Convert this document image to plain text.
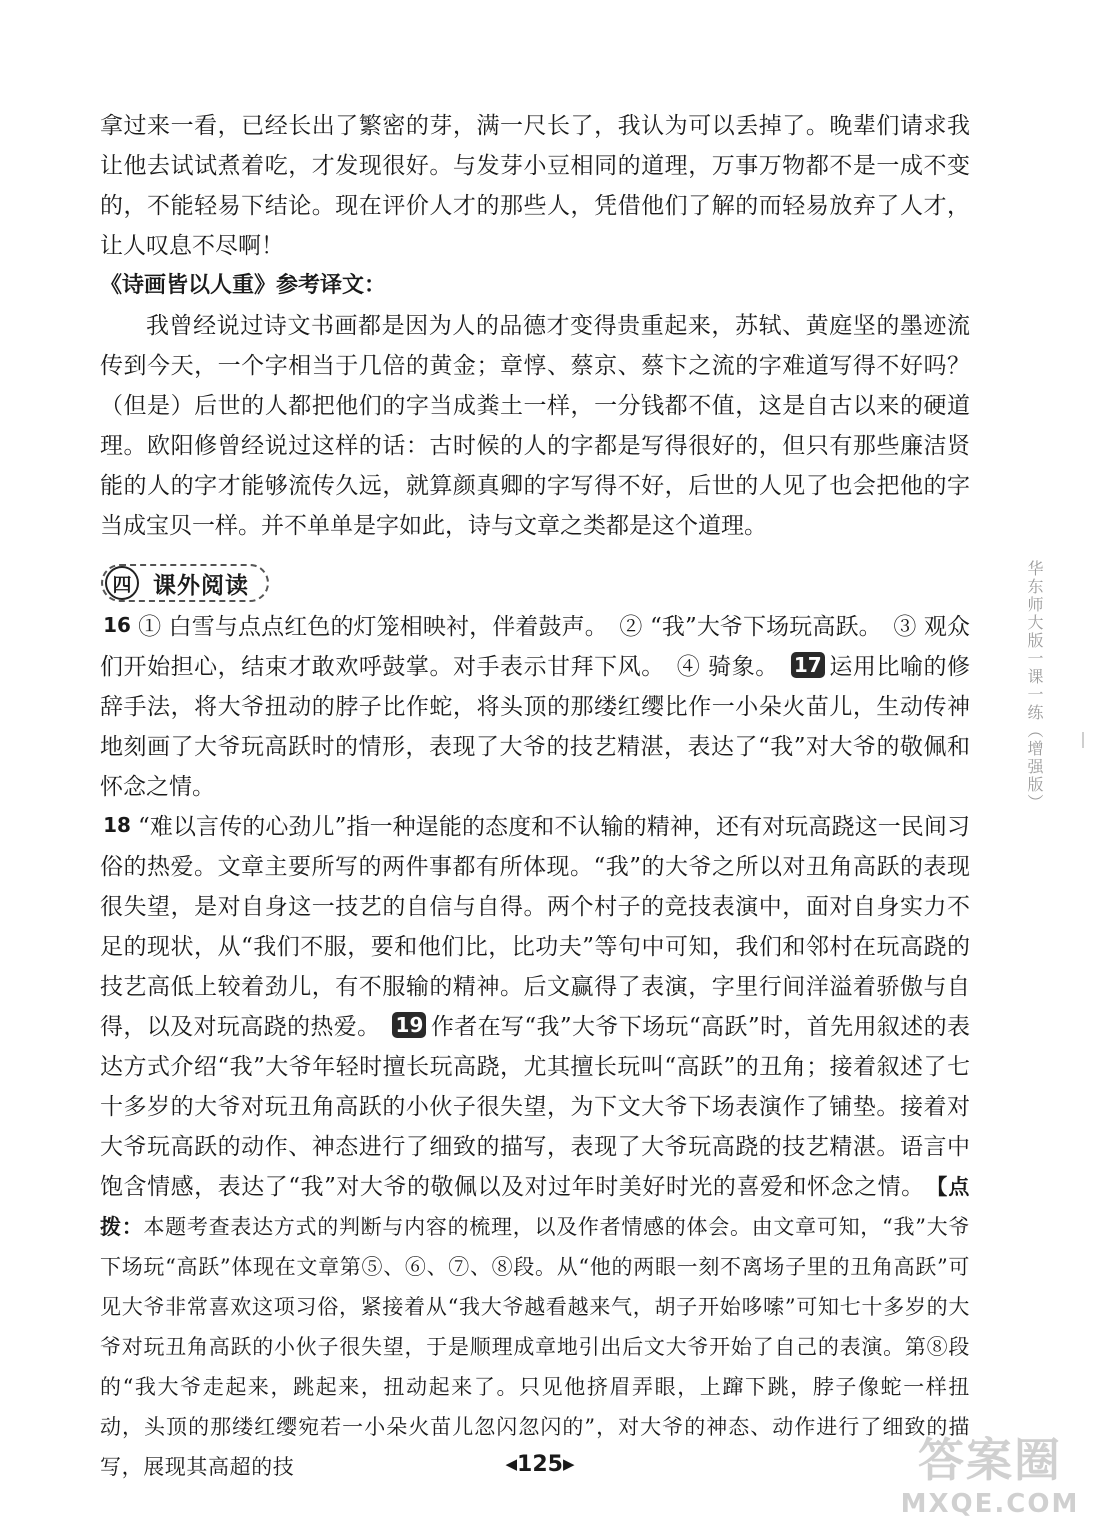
拿过来一看，已经长出了繁密的芽，满一尺长了，我认为可以丢掉了。晚辈们请求我让他去试试煮着吃，才发现很好。与发芽小豆相同的道理，万事万物都不是一成不变的，不能轻易下结论。现在评价人才的那些人，凭借他们了解的而轻易放弃了人才，让人叹息不尽啊！

《诗画皆以人重》参考译文：

我曾经说过诗文书画都是因为人的品德才变得贵重起来，苏轼、黄庭坚的墨迹流传到今天，一个字相当于几倍的黄金；章惇、蔡京、蔡卞之流的字难道写得不好吗？（但是）后世的人都把他们的字当成粪土一样，一分钱都不值，这是自古以来的硬道理。欧阳修曾经说过这样的话：古时候的人的字都是写得很好的，但只有那些廉洁贤能的人的字才能够流传久远，就算颜真卿的字写得不好，后世的人见了也会把他的字当成宝贝一样。并不单单是字如此，诗与文章之类都是这个道理。

四 课外阅读

16 ① 白雪与点点红色的灯笼相映衬，伴着鼓声。　② “我”大爷下场玩高跃。　③ 观众们开始担心，结束才敢欢呼鼓掌。对手表示甘拜下风。　④ 骑象。　17 运用比喻的修辞手法，将大爷扭动的脖子比作蛇，将头顶的那缕红缨比作一小朵火苗儿，生动传神地刻画了大爷玩高跃时的情形，表现了大爷的技艺精湛，表达了“我”对大爷的敬佩和怀念之情。

18 “难以言传的心劲儿”指一种逞能的态度和不认输的精神，还有对玩高跷这一民间习俗的热爱。文章主要所写的两件事都有所体现。“我”的大爷之所以对丑角高跃的表现很失望，是对自身这一技艺的自信与自得。两个村子的竞技表演中，面对自身实力不足的现状，从“我们不服，要和他们比，比功夫”等句中可知，我们和邻村在玩高跷的技艺高低上较着劲儿，有不服输的精神。后文赢得了表演，字里行间洋溢着骄傲与自得，以及对玩高跷的热爱。　19 作者在写“我”大爷下场玩“高跃”时，首先用叙述的表达方式介绍“我”大爷年轻时擅长玩高跷，尤其擅长玩叫“高跃”的丑角；接着叙述了七十多岁的大爷对玩丑角高跃的小伙子很失望，为下文大爷下场表演作了铺垫。接着对大爷玩高跃的动作、神态进行了细致的描写，表现了大爷玩高跷的技艺精湛。语言中饱含情感，表达了“我”对大爷的敬佩以及对过年时美好时光的喜爱和怀念之情。　【点拨：本题考查表达方式的判断与内容的梳理，以及作者情感的体会。由文章可知，“我”大爷下场玩“高跃”体现在文章第⑤、⑥、⑦、⑧段。从“他的两眼一刻不离场子里的丑角高跃”可见大爷非常喜欢这项习俗，紧接着从“我大爷越看越来气，胡子开始哆嗦”可知七十多岁的大爷对玩丑角高跃的小伙子很失望，于是顺理成章地引出后文大爷开始了自己的表演。第⑧段的“我大爷走起来，跳起来，扭动起来了。只见他挤眉弄眼，上蹿下跳，脖子像蛇一样扭动，头顶的那缕红缨宛若一小朵火苗儿忽闪忽闪的”，对大爷的神态、动作进行了细致的描写，展现其高超的技

华东师大版一课一练（增强版）
◀125▶	答案圈
MXQE.COM
